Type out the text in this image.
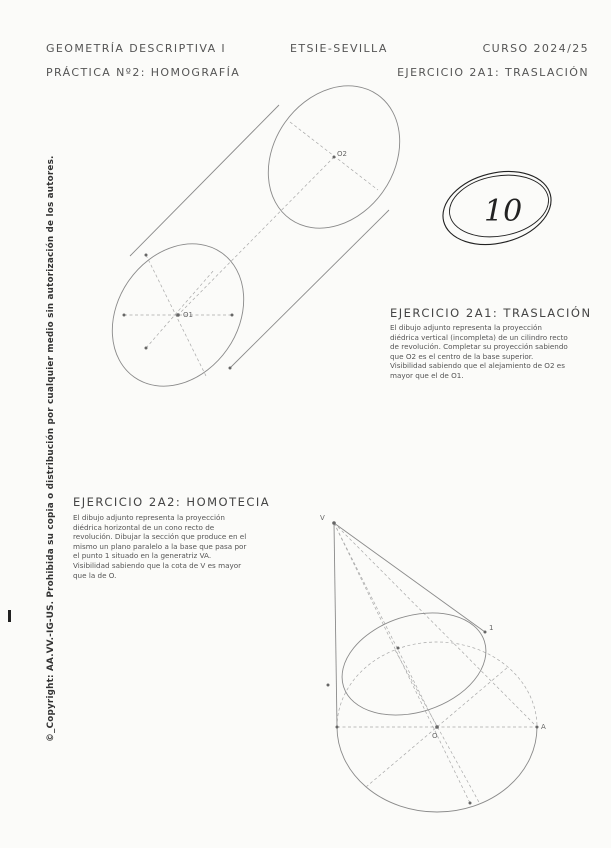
GEOMETRÍA DESCRIPTIVA I	ETSIE-SEVILLA	CURSO 2024/25
PRÁCTICA Nº2: HOMOGRAFÍA	EJERCICIO 2A1: TRASLACIÓN
O1
O2
10
V
O
A
1
EJERCICIO 2A1: TRASLACIÓN

El dibujo adjunto representa la proyección diédrica vertical (incompleta) de un cilindro recto de revolución. Completar su proyección sabiendo que O2 es el centro de la base superior.

Visibilidad sabiendo que el alejamiento de O2 es mayor que el de O1.

EJERCICIO 2A2: HOMOTECIA

El dibujo adjunto representa la proyección diédrica horizontal de un cono recto de revolución. Dibujar la sección que produce en el mismo un plano paralelo a la base que pasa por el punto 1 situado en la generatriz VA.

Visibilidad sabiendo que la cota de V es mayor que la de O.

©_Copyright: AA.VV.-IG-US. Prohibida su copia o distribución por cualquier medio sin autorización de los autores.
